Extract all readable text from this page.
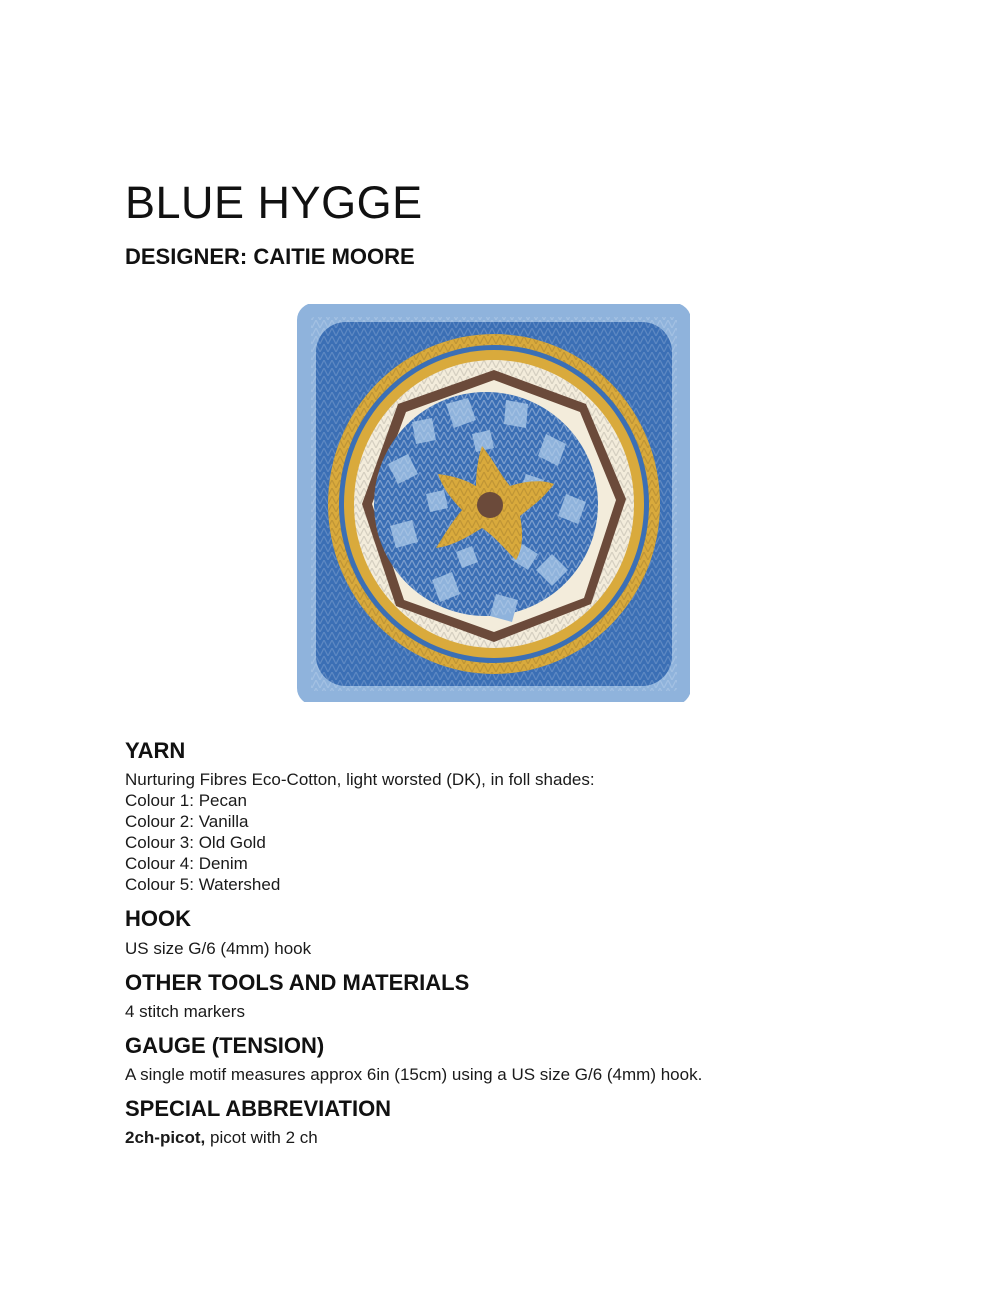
BLUE HYGGE
DESIGNER: CAITIE MOORE
YARN

Nurturing Fibres Eco-Cotton, light worsted (DK), in foll shades:
Colour 1: Pecan
Colour 2: Vanilla
Colour 3: Old Gold
Colour 4: Denim
Colour 5: Watershed

HOOK

US size G/6 (4mm) hook

OTHER TOOLS AND MATERIALS

4 stitch markers

GAUGE (TENSION)

A single motif measures approx 6in (15cm) using a US size G/6 (4mm) hook.

SPECIAL ABBREVIATION

2ch-picot, picot with 2 ch
